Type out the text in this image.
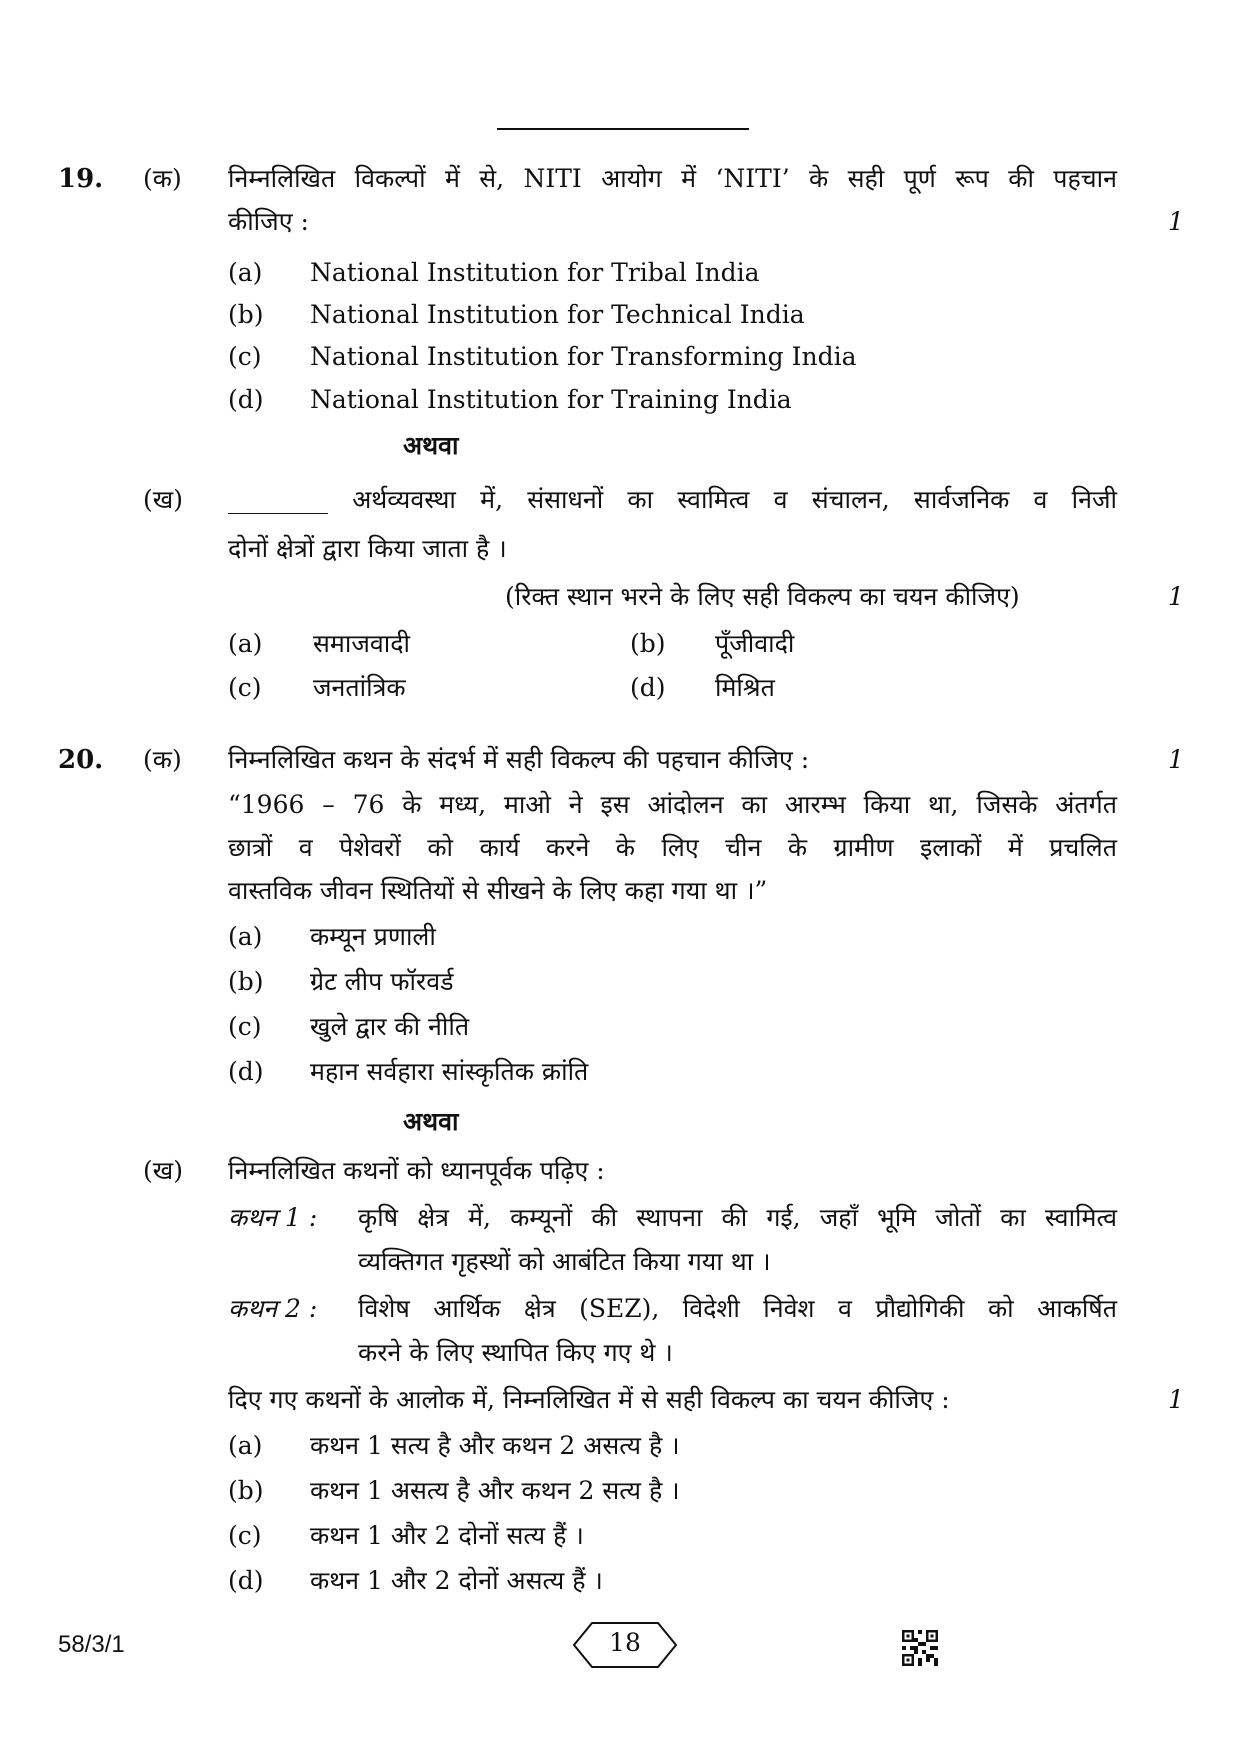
19. (क) निम्नलिखित विकल्पों में से, NITI आयोग में ‘NITI’ के सही पूर्ण रूप की पहचान
कीजिए :	1
(a) National Institution for Tribal India
(b) National Institution for Technical India
(c) National Institution for Transforming India
(d) National Institution for Training India
अथवा
(ख) ________ अर्थव्यवस्था में, संसाधनों का स्वामित्व व संचालन, सार्वजनिक व निजी
दोनों क्षेत्रों द्वारा किया जाता है ।
(रिक्त स्थान भरने के लिए सही विकल्प का चयन कीजिए)	1
(a) समाजवादी	(b) पूँजीवादी
(c) जनतांत्रिक	(d) मिश्रित
20. (क) निम्नलिखित कथन के संदर्भ में सही विकल्प की पहचान कीजिए :	1
“1966 – 76 के मध्य, माओ ने इस आंदोलन का आरम्भ किया था, जिसके अंतर्गत
छात्रों व पेशेवरों को कार्य करने के लिए चीन के ग्रामीण इलाकों में प्रचलित
वास्तविक जीवन स्थितियों से सीखने के लिए कहा गया था ।”
(a) कम्यून प्रणाली
(b) ग्रेट लीप फॉरवर्ड
(c) खुले द्वार की नीति
(d) महान सर्वहारा सांस्कृतिक क्रांति
अथवा
(ख) निम्नलिखित कथनों को ध्यानपूर्वक पढ़िए :
कथन 1 : कृषि क्षेत्र में, कम्यूनों की स्थापना की गई, जहाँ भूमि जोतों का स्वामित्व
व्यक्तिगत गृहस्थों को आबंटित किया गया था ।
कथन 2 : विशेष आर्थिक क्षेत्र (SEZ), विदेशी निवेश व प्रौद्योगिकी को आकर्षित
करने के लिए स्थापित किए गए थे ।
दिए गए कथनों के आलोक में, निम्नलिखित में से सही विकल्प का चयन कीजिए :	1
(a) कथन 1 सत्य है और कथन 2 असत्य है ।
(b) कथन 1 असत्य है और कथन 2 सत्य है ।
(c) कथन 1 और 2 दोनों सत्य हैं ।
(d) कथन 1 और 2 दोनों असत्य हैं ।
58/3/1	18
